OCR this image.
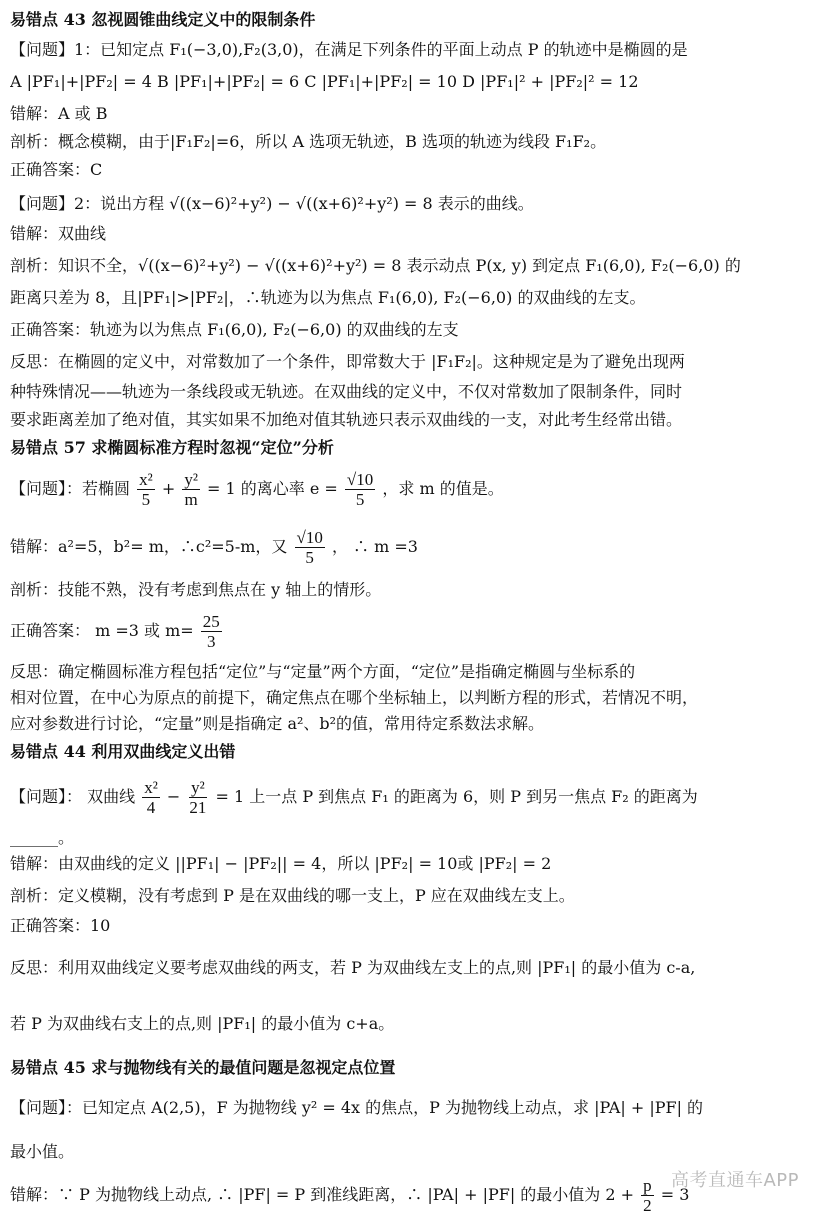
易错点 43 忽视圆锥曲线定义中的限制条件
【问题】1：已知定点 F₁(−3,0),F₂(3,0)，在满足下列条件的平面上动点 P 的轨迹中是椭圆的是
A |PF₁|+|PF₂| = 4 B |PF₁|+|PF₂| = 6 C |PF₁|+|PF₂| = 10 D |PF₁|² + |PF₂|² = 12
错解：A 或 B
剖析：概念模糊，由于|F₁F₂|=6，所以 A 选项无轨迹，B 选项的轨迹为线段 F₁F₂。
正确答案：C
【问题】2：说出方程 √((x−6)²+y²) − √((x+6)²+y²) = 8 表示的曲线。
错解：双曲线
剖析：知识不全，√((x−6)²+y²) − √((x+6)²+y²) = 8 表示动点 P(x, y) 到定点 F₁(6,0), F₂(−6,0) 的
距离只差为 8，且|PF₁|>|PF₂|，∴轨迹为以为焦点 F₁(6,0), F₂(−6,0) 的双曲线的左支。
正确答案：轨迹为以为焦点 F₁(6,0), F₂(−6,0) 的双曲线的左支
反思：在椭圆的定义中，对常数加了一个条件，即常数大于 |F₁F₂|。这种规定是为了避免出现两
种特殊情况——轨迹为一条线段或无轨迹。在双曲线的定义中，不仅对常数加了限制条件，同时
要求距离差加了绝对值，其实如果不加绝对值其轨迹只表示双曲线的一支，对此考生经常出错。
易错点 57 求椭圆标准方程时忽视“定位”分析
【问题】：若椭圆 $\frac{\text{x²}}{5} + \frac{\text{y²}}{m} = 1$ 的离心率 $e = \frac{√10}{5}$ ，求 m 的值是。
错解：a²=5，b²= m，∴c²=5-m，又 $\frac{√10}{5}$ ， ∴ m =3
剖析：技能不熟，没有考虑到焦点在 y 轴上的情形。
正确答案： m =3 或 $m= \frac{25}{3}$
反思：确定椭圆标准方程包括“定位”与“定量”两个方面，“定位”是指确定椭圆与坐标系的
相对位置，在中心为原点的前提下，确定焦点在哪个坐标轴上，以判断方程的形式，若情况不明，
应对参数进行讨论，“定量”则是指确定 a²、b²的值，常用待定系数法求解。
易错点 44 利用双曲线定义出错
【问题】： 双曲线 $\frac{\text{x²}}{4} - \frac{\text{y²}}{21} = 1$ 上一点 P 到焦点 F₁ 的距离为 6，则 P 到另一焦点 F₂ 的距离为
______。
错解：由双曲线的定义 ||PF₁| − |PF₂|| = 4，所以 |PF₂| = 10或 |PF₂| = 2
剖析：定义模糊，没有考虑到 P 是在双曲线的哪一支上，P 应在双曲线左支上。
正确答案：10
反思：利用双曲线定义要考虑双曲线的两支，若 P 为双曲线左支上的点,则 |PF₁| 的最小值为 c-a,
若 P 为双曲线右支上的点,则 |PF₁| 的最小值为 c+a。
易错点 45 求与抛物线有关的最值问题是忽视定点位置
【问题】：已知定点 A(2,5)，F 为抛物线 y² = 4x 的焦点，P 为抛物线上动点，求 |PA| + |PF| 的
最小值。
错解：∵ P 为抛物线上动点, ∴ |PF| = P 到准线距离，∴ |PA| + |PF| 的最小值为 $2 + \frac{p}{2} = 3$
高考直通车APP
